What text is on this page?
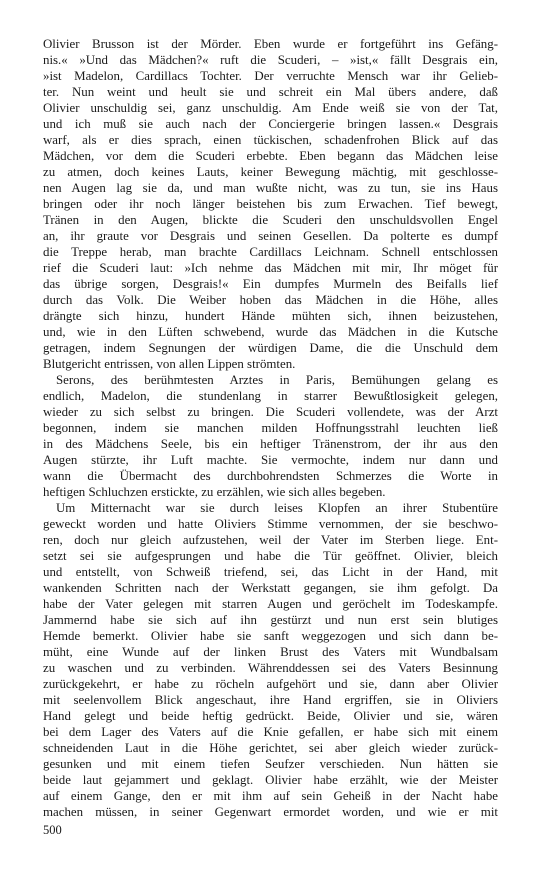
Olivier Brusson ist der Mörder. Eben wurde er fortgeführt ins Gefäng-
nis.« »Und das Mädchen?« ruft die Scuderi, – »ist,« fällt Desgrais ein,
»ist Madelon, Cardillacs Tochter. Der verruchte Mensch war ihr Gelieb-
ter. Nun weint und heult sie und schreit ein Mal übers andere, daß
Olivier unschuldig sei, ganz unschuldig. Am Ende weiß sie von der Tat,
und ich muß sie auch nach der Conciergerie bringen lassen.« Desgrais
warf, als er dies sprach, einen tückischen, schadenfrohen Blick auf das
Mädchen, vor dem die Scuderi erbebte. Eben begann das Mädchen leise
zu atmen, doch keines Lauts, keiner Bewegung mächtig, mit geschlosse-
nen Augen lag sie da, und man wußte nicht, was zu tun, sie ins Haus
bringen oder ihr noch länger beistehen bis zum Erwachen. Tief bewegt,
Tränen in den Augen, blickte die Scuderi den unschuldsvollen Engel
an, ihr graute vor Desgrais und seinen Gesellen. Da polterte es dumpf
die Treppe herab, man brachte Cardillacs Leichnam. Schnell entschlossen
rief die Scuderi laut: »Ich nehme das Mädchen mit mir, Ihr möget für
das übrige sorgen, Desgrais!« Ein dumpfes Murmeln des Beifalls lief
durch das Volk. Die Weiber hoben das Mädchen in die Höhe, alles
drängte sich hinzu, hundert Hände mühten sich, ihnen beizustehen,
und, wie in den Lüften schwebend, wurde das Mädchen in die Kutsche
getragen, indem Segnungen der würdigen Dame, die die Unschuld dem
Blutgericht entrissen, von allen Lippen strömten.
Serons, des berühmtesten Arztes in Paris, Bemühungen gelang es
endlich, Madelon, die stundenlang in starrer Bewußtlosigkeit gelegen,
wieder zu sich selbst zu bringen. Die Scuderi vollendete, was der Arzt
begonnen, indem sie manchen milden Hoffnungsstrahl leuchten ließ
in des Mädchens Seele, bis ein heftiger Tränenstrom, der ihr aus den
Augen stürzte, ihr Luft machte. Sie vermochte, indem nur dann und
wann die Übermacht des durchbohrendsten Schmerzes die Worte in
heftigen Schluchzen erstickte, zu erzählen, wie sich alles begeben.
Um Mitternacht war sie durch leises Klopfen an ihrer Stubentüre
geweckt worden und hatte Oliviers Stimme vernommen, der sie beschwo-
ren, doch nur gleich aufzustehen, weil der Vater im Sterben liege. Ent-
setzt sei sie aufgesprungen und habe die Tür geöffnet. Olivier, bleich
und entstellt, von Schweiß triefend, sei, das Licht in der Hand, mit
wankenden Schritten nach der Werkstatt gegangen, sie ihm gefolgt. Da
habe der Vater gelegen mit starren Augen und geröchelt im Todeskampfe.
Jammernd habe sie sich auf ihn gestürzt und nun erst sein blutiges
Hemde bemerkt. Olivier habe sie sanft weggezogen und sich dann be-
müht, eine Wunde auf der linken Brust des Vaters mit Wundbalsam
zu waschen und zu verbinden. Währenddessen sei des Vaters Besinnung
zurückgekehrt, er habe zu röcheln aufgehört und sie, dann aber Olivier
mit seelenvollem Blick angeschaut, ihre Hand ergriffen, sie in Oliviers
Hand gelegt und beide heftig gedrückt. Beide, Olivier und sie, wären
bei dem Lager des Vaters auf die Knie gefallen, er habe sich mit einem
schneidenden Laut in die Höhe gerichtet, sei aber gleich wieder zurück-
gesunken und mit einem tiefen Seufzer verschieden. Nun hätten sie
beide laut gejammert und geklagt. Olivier habe erzählt, wie der Meister
auf einem Gange, den er mit ihm auf sein Geheiß in der Nacht habe
machen müssen, in seiner Gegenwart ermordet worden, und wie er mit
500
